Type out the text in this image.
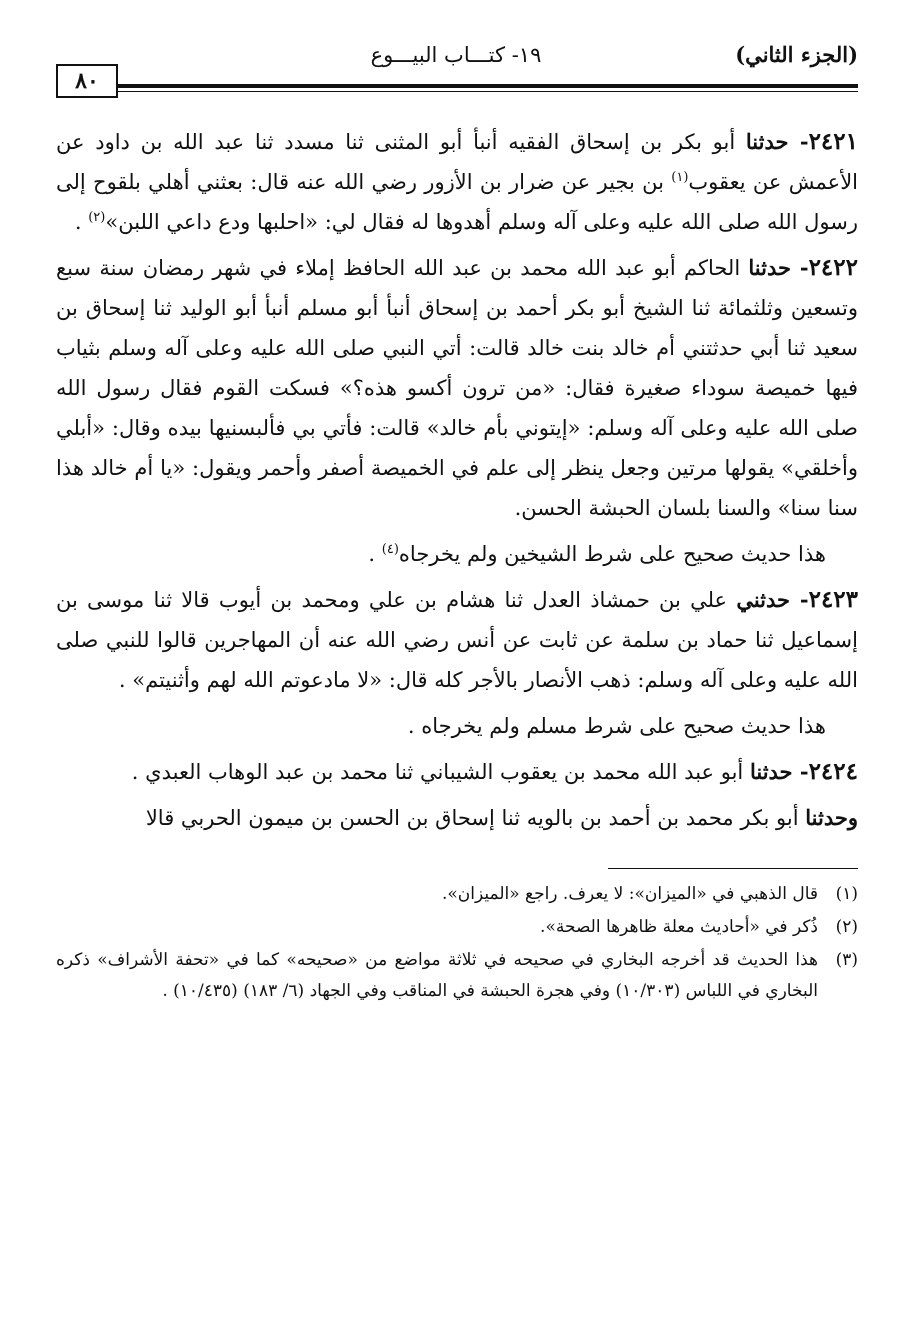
(الجزء الثاني)
١٩- كتـــاب البيـــوع
٨٠

٢٤٢١- حدثنا أبو بكر بن إسحاق الفقيه أنبأ أبو المثنى ثنا مسدد ثنا عبد الله بن داود عن الأعمش عن يعقوب$^{(١)}$ بن بجير عن ضرار بن الأزور رضي الله عنه قال: بعثني أهلي بلقوح إلى رسول الله صلى الله عليه وعلى آله وسلم أهدوها له فقال لي: «احلبها ودع داعي اللبن»$^{(٢)}$ .

٢٤٢٢- حدثنا الحاكم أبو عبد الله محمد بن عبد الله الحافظ إملاء في شهر رمضان سنة سبع وتسعين وثلثمائة ثنا الشيخ أبو بكر أحمد بن إسحاق أنبأ أبو مسلم أنبأ أبو الوليد ثنا إسحاق بن سعيد ثنا أبي حدثتني أم خالد بنت خالد قالت: أتي النبي صلى الله عليه وعلى آله وسلم بثياب فيها خميصة سوداء صغيرة فقال: «من ترون أكسو هذه؟» فسكت القوم فقال رسول الله صلى الله عليه وعلى آله وسلم: «إيتوني بأم خالد» قالت: فأتي بي فألبسنيها بيده وقال: «أبلي وأخلقي» يقولها مرتين وجعل ينظر إلى علم في الخميصة أصفر وأحمر ويقول: «يا أم خالد هذا سنا سنا» والسنا بلسان الحبشة الحسن.

هذا حديث صحيح على شرط الشيخين ولم يخرجاه$^{(٤)}$ .

٢٤٢٣- حدثني علي بن حمشاذ العدل ثنا هشام بن علي ومحمد بن أيوب قالا ثنا موسى بن إسماعيل ثنا حماد بن سلمة عن ثابت عن أنس رضي الله عنه أن المهاجرين قالوا للنبي صلى الله عليه وعلى آله وسلم: ذهب الأنصار بالأجر كله قال: «لا مادعوتم الله لهم وأثنيتم» .

هذا حديث صحيح على شرط مسلم ولم يخرجاه .

٢٤٢٤- حدثنا أبو عبد الله محمد بن يعقوب الشيباني ثنا محمد بن عبد الوهاب العبدي .

وحدثنا أبو بكر محمد بن أحمد بن بالويه ثنا إسحاق بن الحسن بن ميمون الحربي قالا

(١)
قال الذهبي في «الميزان»: لا يعرف. راجع «الميزان».
(٢)
ذُكر في «أحاديث معلة ظاهرها الصحة».
(٣)
هذا الحديث قد أخرجه البخاري في صحيحه في ثلاثة مواضع من «صحيحه» كما في «تحفة الأشراف» ذكره البخاري في اللباس (١٠/٣٠٣) وفي هجرة الحبشة في المناقب وفي الجهاد (٦/ ١٨٣) (١٠/٤٣٥) .
